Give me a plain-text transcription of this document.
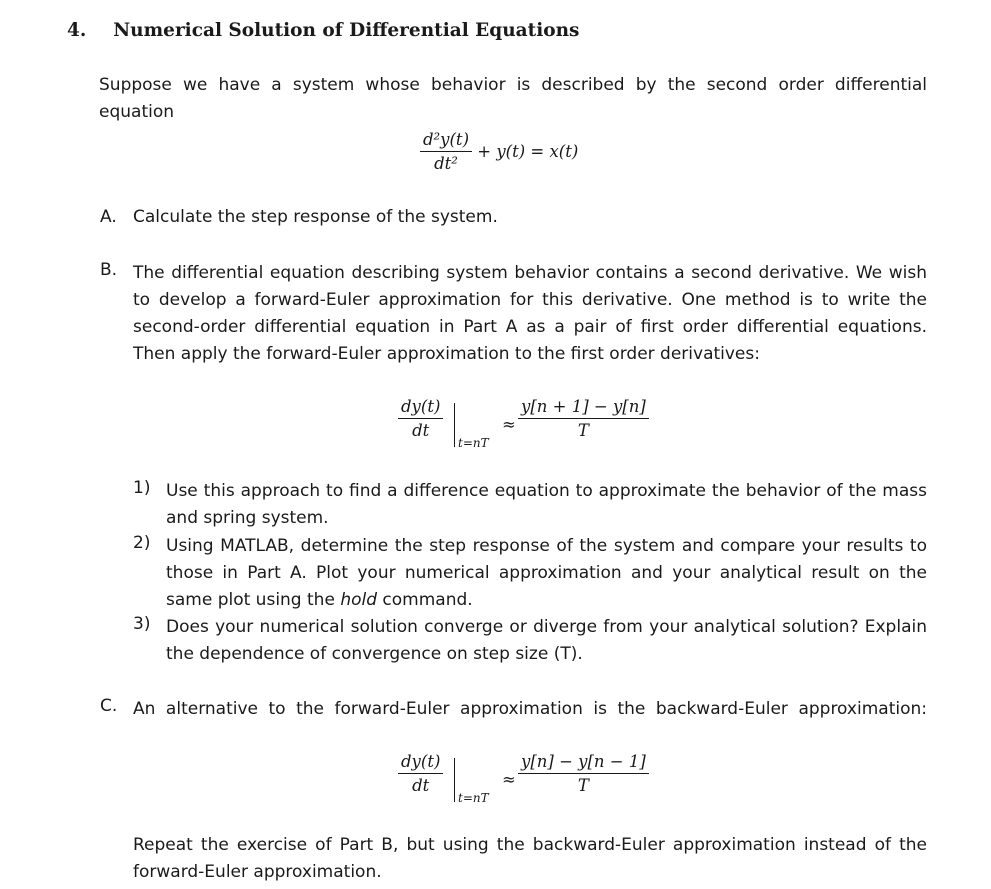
4. Numerical Solution of Differential Equations
Suppose we have a system whose behavior is described by the second order differential equation
$\frac{\text{d²y(t)}}{\text{dt²}} + y(t) = x(t)$
A. Calculate the step response of the system.
B. The differential equation describing system behavior contains a second derivative. We wish to develop a forward-Euler approximation for this derivative. One method is to write the second-order differential equation in Part A as a pair of first order differential equations. Then apply the forward-Euler approximation to the first order derivatives:
$\frac{dy(t)}{dt}$
t=nT
≈ $\frac{y[n + 1] - y[n]}{T}$
1) Use this approach to find a difference equation to approximate the behavior of the mass and spring system.
2) Using MATLAB, determine the step response of the system and compare your results to those in Part A. Plot your numerical approximation and your analytical result on the same plot using the hold command.
3) Does your numerical solution converge or diverge from your analytical solution? Explain the dependence of convergence on step size (T).
C. An alternative to the forward-Euler approximation is the backward-Euler approximation:
$\frac{dy(t)}{dt}$
t=nT
≈ $\frac{y[n] - y[n - 1]}{T}$
Repeat the exercise of Part B, but using the backward-Euler approximation instead of the forward-Euler approximation.
